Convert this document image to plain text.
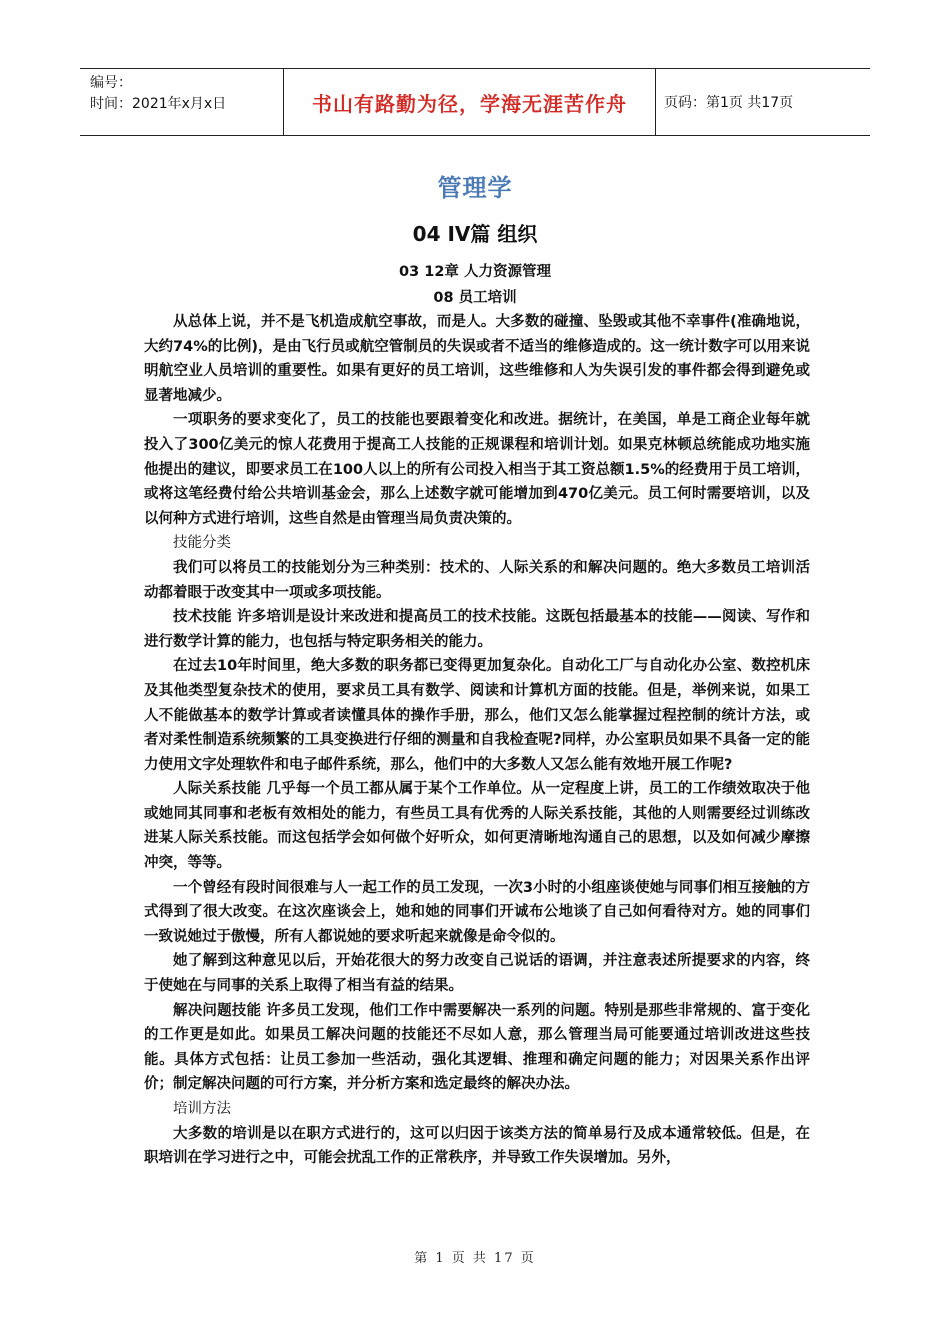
编号：
时间：2021年x月x日	书山有路勤为径，学海无涯苦作舟	页码：第1页 共17页
管理学
04 IV篇 组织
03 12章 人力资源管理
08 员工培训

从总体上说，并不是飞机造成航空事故，而是人。大多数的碰撞、坠毁或其他不幸事件(准确地说，大约74%的比例)，是由飞行员或航空管制员的失误或者不适当的维修造成的。这一统计数字可以用来说明航空业人员培训的重要性。如果有更好的员工培训，这些维修和人为失误引发的事件都会得到避免或显著地减少。

一项职务的要求变化了，员工的技能也要跟着变化和改进。据统计，在美国，单是工商企业每年就投入了300亿美元的惊人花费用于提高工人技能的正规课程和培训计划。如果克林顿总统能成功地实施他提出的建议，即要求员工在100人以上的所有公司投入相当于其工资总额1.5%的经费用于员工培训，或将这笔经费付给公共培训基金会，那么上述数字就可能增加到470亿美元。员工何时需要培训，以及以何种方式进行培训，这些自然是由管理当局负责决策的。

技能分类

我们可以将员工的技能划分为三种类别：技术的、人际关系的和解决问题的。绝大多数员工培训活动都着眼于改变其中一项或多项技能。

技术技能 许多培训是设计来改进和提高员工的技术技能。这既包括最基本的技能——阅读、写作和进行数学计算的能力，也包括与特定职务相关的能力。

在过去10年时间里，绝大多数的职务都已变得更加复杂化。自动化工厂与自动化办公室、数控机床及其他类型复杂技术的使用，要求员工具有数学、阅读和计算机方面的技能。但是，举例来说，如果工人不能做基本的数学计算或者读懂具体的操作手册，那么，他们又怎么能掌握过程控制的统计方法，或者对柔性制造系统频繁的工具变换进行仔细的测量和自我检查呢?同样，办公室职员如果不具备一定的能力使用文字处理软件和电子邮件系统，那么，他们中的大多数人又怎么能有效地开展工作呢?

人际关系技能 几乎每一个员工都从属于某个工作单位。从一定程度上讲，员工的工作绩效取决于他或她同其同事和老板有效相处的能力，有些员工具有优秀的人际关系技能，其他的人则需要经过训练改进某人际关系技能。而这包括学会如何做个好听众，如何更清晰地沟通自己的思想，以及如何减少摩擦冲突，等等。

一个曾经有段时间很难与人一起工作的员工发现，一次3小时的小组座谈使她与同事们相互接触的方式得到了很大改变。在这次座谈会上，她和她的同事们开诚布公地谈了自己如何看待对方。她的同事们一致说她过于傲慢，所有人都说她的要求听起来就像是命令似的。

她了解到这种意见以后，开始花很大的努力改变自己说话的语调，并注意表述所提要求的内容，终于使她在与同事的关系上取得了相当有益的结果。

解决问题技能 许多员工发现，他们工作中需要解决一系列的问题。特别是那些非常规的、富于变化的工作更是如此。如果员工解决问题的技能还不尽如人意，那么管理当局可能要通过培训改进这些技能。具体方式包括：让员工参加一些活动，强化其逻辑、推理和确定问题的能力；对因果关系作出评价；制定解决问题的可行方案，并分析方案和选定最终的解决办法。

培训方法

大多数的培训是以在职方式进行的，这可以归因于该类方法的简单易行及成本通常较低。但是，在职培训在学习进行之中，可能会扰乱工作的正常秩序，并导致工作失误增加。另外，

第 1 页 共 17 页
